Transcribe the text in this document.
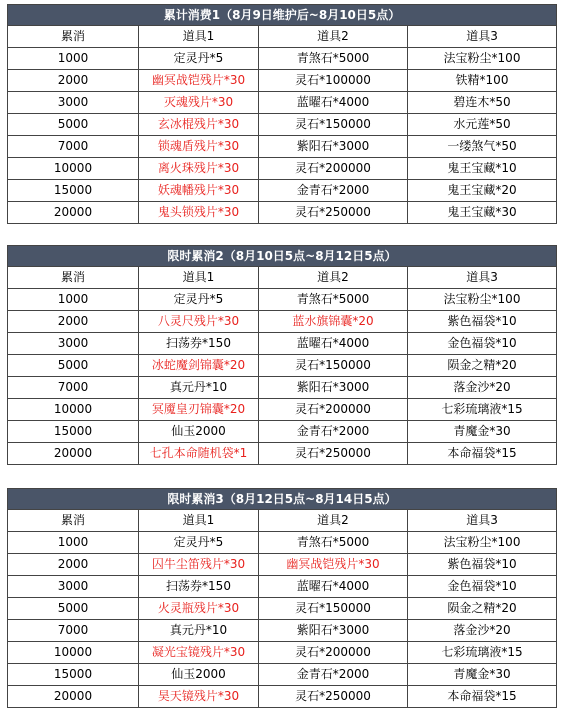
累计消费1（8月9日维护后~8月10日5点）			
累消	道具1	道具2	道具3
1000	定灵丹*5	青煞石*5000	法宝粉尘*100
2000	幽冥战铠残片*30	灵石*100000	铁精*100
3000	灭魂残片*30	蓝曜石*4000	碧连木*50
5000	玄冰棍残片*30	灵石*150000	水元莲*50
7000	锁魂盾残片*30	紫阳石*3000	一缕煞气*50
10000	离火珠残片*30	灵石*200000	鬼王宝藏*10
15000	妖魂幡残片*30	金青石*2000	鬼王宝藏*20
20000	鬼头锁残片*30	灵石*250000	鬼王宝藏*30
限时累消2（8月10日5点~8月12日5点）			
累消	道具1	道具2	道具3
1000	定灵丹*5	青煞石*5000	法宝粉尘*100
2000	八灵尺残片*30	蓝水旗锦囊*20	紫色福袋*10
3000	扫荡券*150	蓝曜石*4000	金色福袋*10
5000	冰蛇魔剑锦囊*20	灵石*150000	陨金之精*20
7000	真元丹*10	紫阳石*3000	落金沙*20
10000	冥魇皇刃锦囊*20	灵石*200000	七彩琉璃液*15
15000	仙玉2000	金青石*2000	青魔金*30
20000	七孔本命随机袋*1	灵石*250000	本命福袋*15
限时累消3（8月12日5点~8月14日5点）			
累消	道具1	道具2	道具3
1000	定灵丹*5	青煞石*5000	法宝粉尘*100
2000	囚牛尘笛残片*30	幽冥战铠残片*30	紫色福袋*10
3000	扫荡券*150	蓝曜石*4000	金色福袋*10
5000	火灵瓶残片*30	灵石*150000	陨金之精*20
7000	真元丹*10	紫阳石*3000	落金沙*20
10000	凝光宝镜残片*30	灵石*200000	七彩琉璃液*15
15000	仙玉2000	金青石*2000	青魔金*30
20000	昊天镜残片*30	灵石*250000	本命福袋*15
